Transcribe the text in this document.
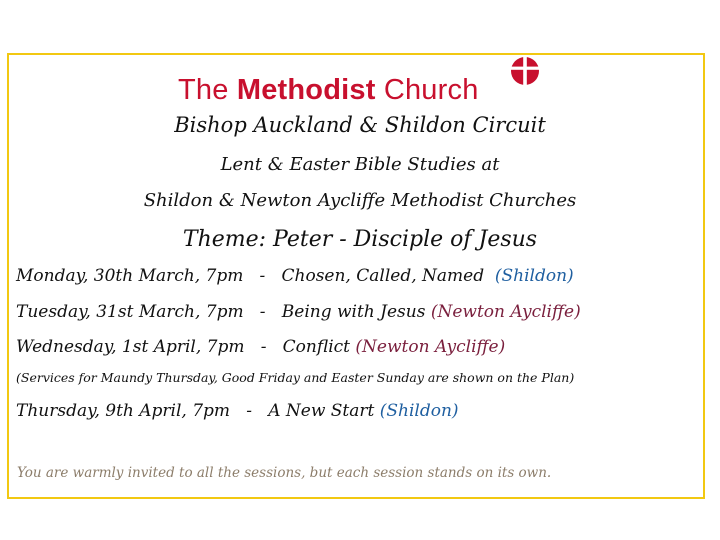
The Methodist Church
Bishop Auckland & Shildon Circuit
Lent & Easter Bible Studies at
Shildon & Newton Aycliffe Methodist Churches
Theme: Peter - Disciple of Jesus
Monday, 30th March, 7pm   -   Chosen, Called, Named  (Shildon)
Tuesday, 31st March, 7pm   -   Being with Jesus (Newton Aycliffe)
Wednesday, 1st April, 7pm   -   Conflict (Newton Aycliffe)
(Services for Maundy Thursday, Good Friday and Easter Sunday are shown on the Plan)
Thursday, 9th April, 7pm   -   A New Start (Shildon)
You are warmly invited to all the sessions, but each session stands on its own.
